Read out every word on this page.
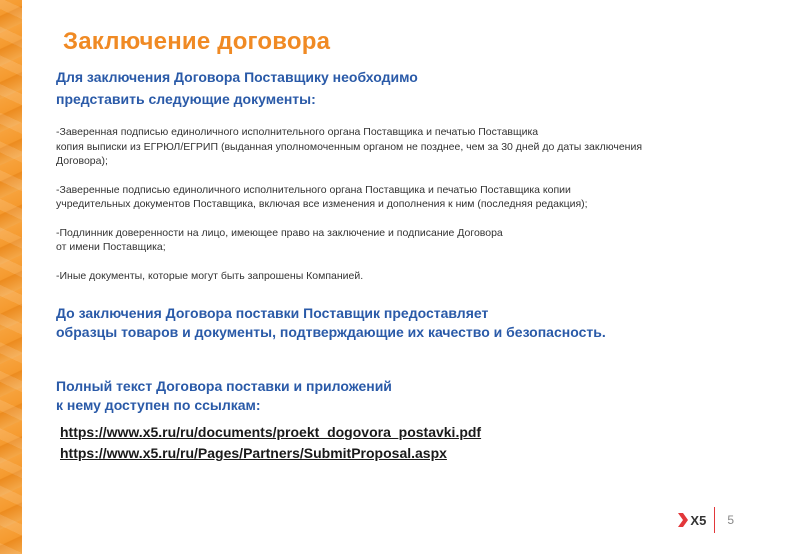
Заключение договора
Для заключения Договора Поставщику необходимо
представить следующие документы:

-Заверенная подписью единоличного исполнительного органа Поставщика и печатью Поставщика
копия выписки из ЕГРЮЛ/ЕГРИП (выданная уполномоченным органом не позднее, чем за 30 дней до даты заключения
Договора);

-Заверенные подписью единоличного исполнительного органа Поставщика и печатью Поставщика копии
учредительных документов Поставщика, включая все изменения и дополнения к ним (последняя редакция);

-Подлинник доверенности на лицо, имеющее право на заключение и подписание Договора
от имени Поставщика;

-Иные документы, которые могут быть запрошены Компанией.

До заключения Договора поставки Поставщик предоставляет
образцы товаров и документы, подтверждающие их качество и безопасность.
Полный текст Договора поставки и приложений
к нему доступен по ссылкам:
https://www.x5.ru/ru/documents/proekt_dogovora_postavki.pdf
https://www.x5.ru/ru/Pages/Partners/SubmitProposal.aspx
X5 5
